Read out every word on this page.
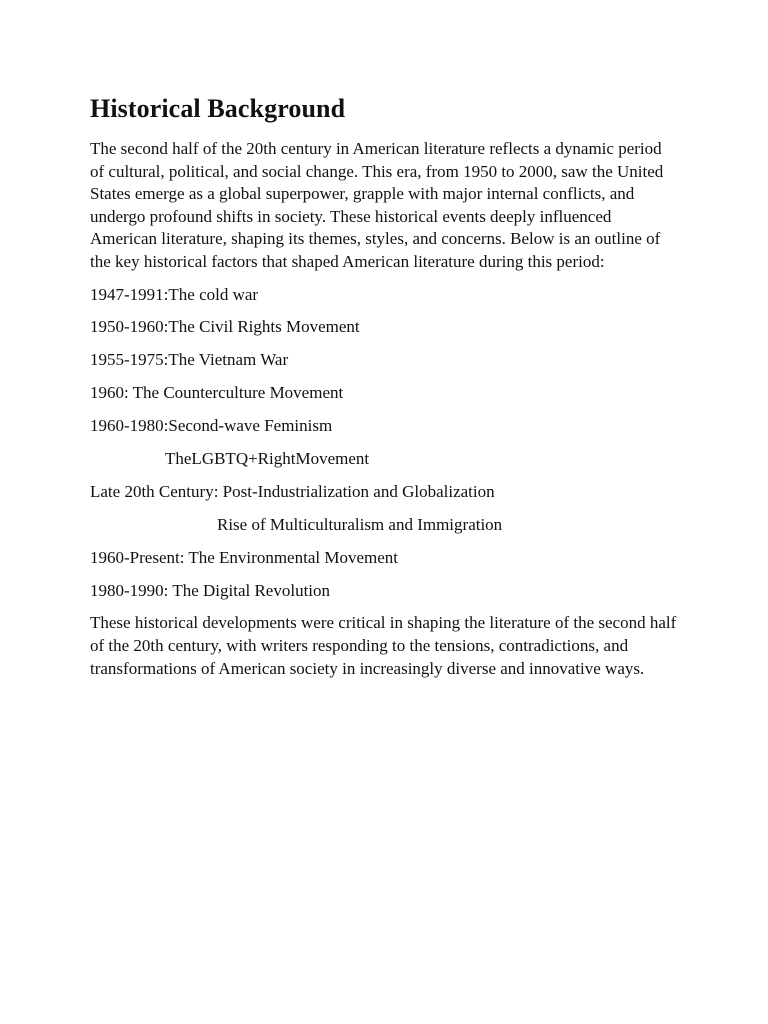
Historical Background

The second half of the 20th century in American literature reflects a dynamic period of cultural, political, and social change. This era, from 1950 to 2000, saw the United States emerge as a global superpower, grapple with major internal conflicts, and undergo profound shifts in society. These historical events deeply influenced American literature, shaping its themes, styles, and concerns. Below is an outline of the key historical factors that shaped American literature during this period:

1947-1991:The cold war

1950-1960:The Civil Rights Movement

1955-1975:The Vietnam War

1960: The Counterculture Movement

1960-1980:Second-wave Feminism

TheLGBTQ+RightMovement

Late 20th Century: Post-Industrialization and Globalization

Rise of Multiculturalism and Immigration

1960-Present: The Environmental Movement

1980-1990: The Digital Revolution

These historical developments were critical in shaping the literature of the second half of the 20th century, with writers responding to the tensions, contradictions, and transformations of American society in increasingly diverse and innovative ways.
